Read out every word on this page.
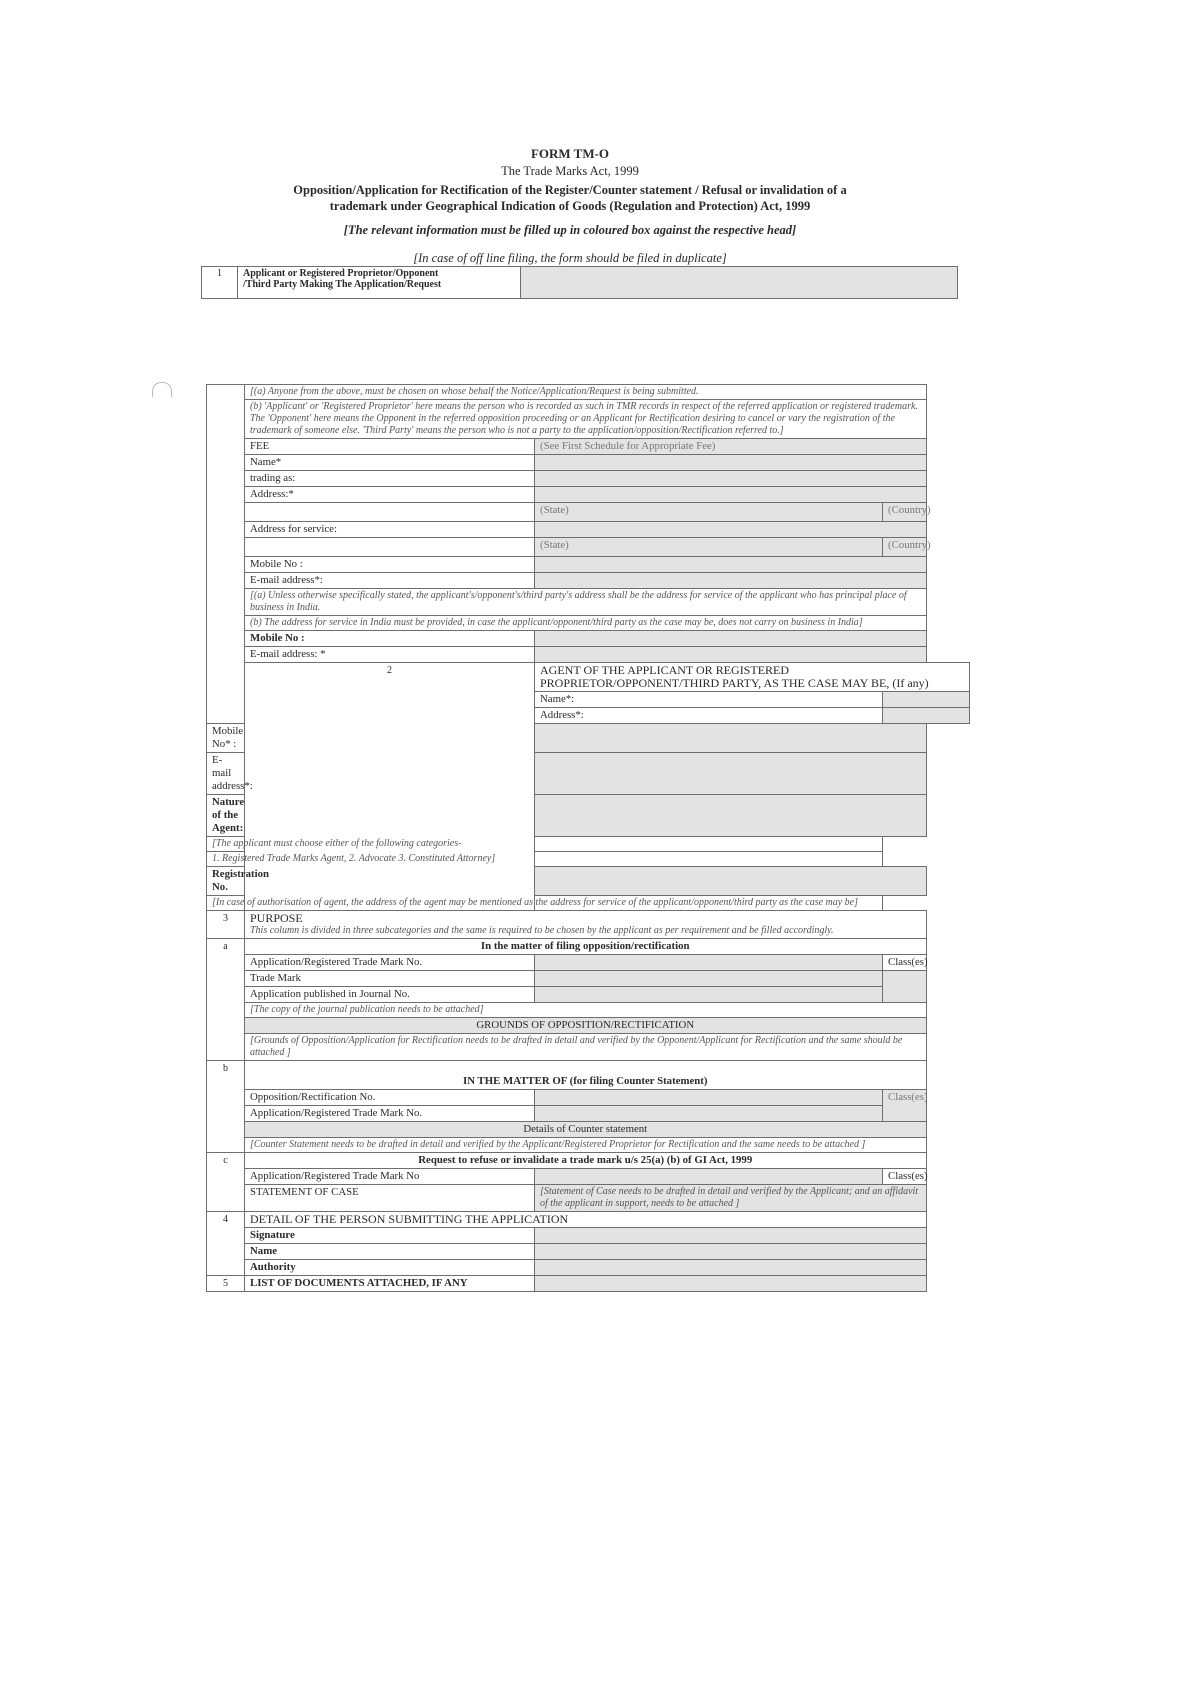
FORM TM-O
The Trade Marks Act, 1999
Opposition/Application for Rectification of the Register/Counter statement / Refusal or invalidation of a
trademark under Geographical Indication of Goods (Regulation and Protection) Act, 1999
[The relevant information must be filled up in coloured box against the respective head]
[In case of off line filing, the form should be filed in duplicate]
1	Applicant or Registered Proprietor/Opponent
/Third Party Making The Application/Request

	[(a) Anyone from the above, must be chosen on whose behalf the Notice/Application/Request is being submitted.		
	(b) 'Applicant' or 'Registered Proprietor' here means the person who is recorded as such in TMR records in respect of the referred application or registered trademark. The 'Opponent' here means the Opponent in the referred opposition proceeding or an Applicant for Rectification desiring to cancel or vary the registration of the trademark of someone else. 'Third Party' means the person who is not a party to the application/opposition/Rectification referred to.]		
	FEE	(See First Schedule for Appropriate Fee)	
	Name*		
	trading as:		
	Address:*		
		(State)	(Country)
	Address for service:		
		(State)	(Country)
	Mobile No :		
	E-mail address*:		
	[(a) Unless otherwise specifically stated, the applicant's/opponent's/third party's address shall be the address for service of the applicant who has principal place of business in India.		
	(b) The address for service in India must be provided, in case the applicant/opponent/third party as the case may be, does not carry on business in India]		
	Mobile No :		
	E-mail address: *		
	2	AGENT OF THE APPLICANT OR REGISTERED PROPRIETOR/OPPONENT/THIRD PARTY, AS THE CASE MAY BE, (If any)	
		Name*:	
		Address*:	
Mobile No* :			
E-mail address*:			
Nature of the Agent:			
[The applicant must choose either of the following categories-			
1. Registered Trade Marks Agent, 2. Advocate 3. Constituted Attorney]			
Registration No.			
[In case of authorisation of agent, the address of the agent may be mentioned as the address for service of the applicant/opponent/third party as the case may be]			
3	PURPOSE
This column is divided in three subcategories and the same is required to be chosen by the applicant as per requirement and be filled accordingly.		

a	In the matter of filing opposition/rectification		
	Application/Registered Trade Mark No.		Class(es)
	Trade Mark		
	Application published in Journal No.		
	[The copy of the journal publication needs to be attached]		
	GROUNDS OF OPPOSITION/RECTIFICATION		
	[Grounds of Opposition/Application for Rectification needs to be drafted in detail and verified by the Opponent/Applicant for Rectification and the same should be attached ]		
b	IN THE MATTER OF (for filing Counter Statement)		
	Opposition/Rectification No.		Class(es)
	Application/Registered Trade Mark No.		
	Details of Counter statement		
	[Counter Statement needs to be drafted in detail and verified by the Applicant/Registered Proprietor for Rectification and the same needs to be attached ]		
c	Request to refuse or invalidate a trade mark u/s 25(a) (b) of GI Act, 1999		
	Application/Registered Trade Mark No		Class(es)
	STATEMENT OF CASE	[Statement of Case needs to be drafted in detail and verified by the Applicant; and an affidavit of the applicant in support, needs to be attached ]	
4	DETAIL OF THE PERSON SUBMITTING THE APPLICATION		
	Signature		
	Name		
	Authority		
5	LIST OF DOCUMENTS ATTACHED, IF ANY		
